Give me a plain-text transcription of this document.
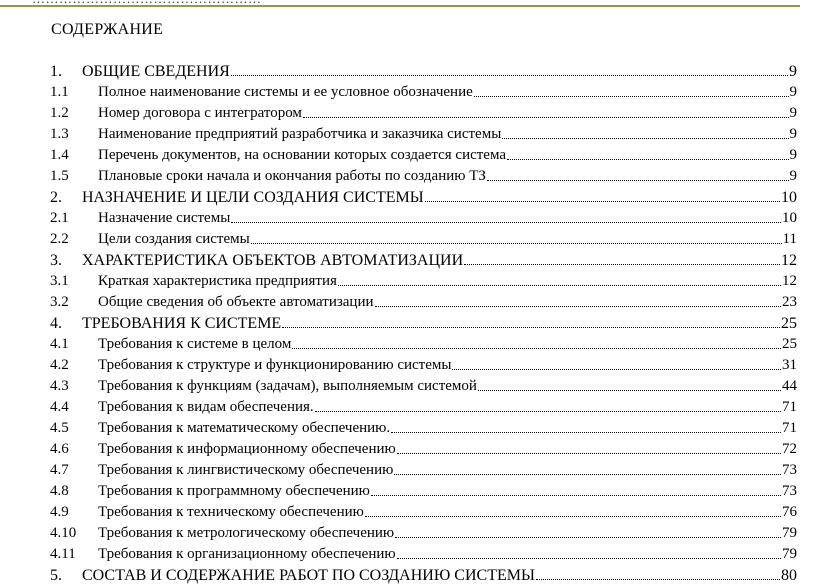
СОДЕРЖАНИЕ
1.	ОБЩИЕ СВЕДЕНИЯ	9
1.1	Полное наименование системы и ее условное обозначение	9
1.2	Номер договора с интегратором	9
1.3	Наименование предприятий разработчика и заказчика системы	9
1.4	Перечень документов, на основании которых создается система	9
1.5	Плановые сроки начала и окончания работы по созданию ТЗ	9
2.	НАЗНАЧЕНИЕ И ЦЕЛИ СОЗДАНИЯ СИСТЕМЫ	10
2.1	Назначение системы	10
2.2	Цели создания системы	11
3.	ХАРАКТЕРИСТИКА ОБЪЕКТОВ АВТОМАТИЗАЦИИ	12
3.1	Краткая характеристика предприятия	12
3.2	Общие сведения об объекте автоматизации	23
4.	ТРЕБОВАНИЯ К СИСТЕМЕ	25
4.1	Требования к системе в целом	25
4.2	Требования к структуре и функционированию системы	31
4.3	Требования к функциям (задачам), выполняемым системой	44
4.4	Требования к видам обеспечения.	71
4.5	Требования к математическому обеспечению.	71
4.6	Требования к информационному обеспечению	72
4.7	Требования к лингвистическому обеспечению	73
4.8	Требования к программному обеспечению	73
4.9	Требования к техническому обеспечению	76
4.10	Требования к метрологическому обеспечению	79
4.11	Требования к организационному обеспечению	79
5.	СОСТАВ И СОДЕРЖАНИЕ РАБОТ ПО СОЗДАНИЮ СИСТЕМЫ	80
